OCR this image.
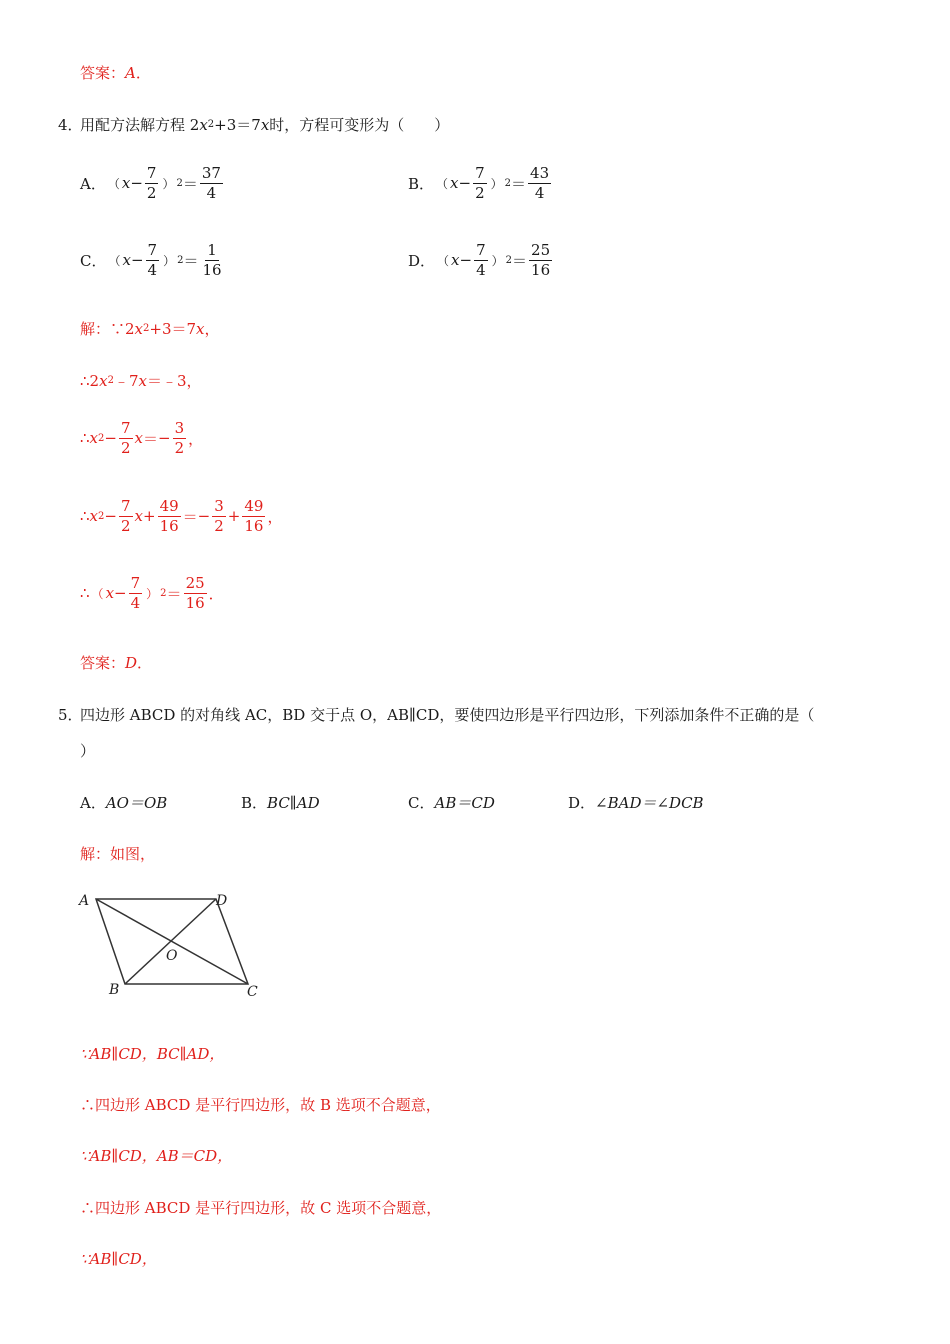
答案： A ．
4．
用配方法解方程 2 x 2 +3＝7 x 时，方程可变形为（　　）
A． （ $x - \frac{7}{2}$ ） $2 = \frac{37}{4}$	B． （ $x - \frac{7}{2}$ ） $2 = \frac{43}{4}$
C． （ $x - \frac{7}{4}$ ） $2 = \frac{1}{16}$	D． （ $x - \frac{7}{4}$ ） $2 = \frac{25}{16}$
解：∵2 x 2 +3＝7 x ，
∴2 x 2 ﹣7 x ＝﹣3，
∴ x $2 - \frac{7}{2}$ x ＝ − $\frac{3}{2}$ ，
∴ x $2 - \frac{7}{2}$ $x + \frac{49}{16}$ ＝ − $\frac{3}{2} + \frac{49}{16}$ ，
∴ （ $x - \frac{7}{4}$ ） $2 = \frac{25}{16}$ ．
答案： D ．
5．
四边形 ABCD 的对角线 AC，BD 交于点 O，AB∥CD，要使四边形是平行四边形，下列添加条件不正确的是（
）
A． AO＝OB	B． BC∥AD	C． AB＝CD	D． ∠BAD＝∠DCB
解：如图，
A	D
O
B	C
∵AB∥CD，BC∥AD，
∴四边形 ABCD 是平行四边形，故 B 选项不合题意，
∵AB∥CD，AB＝CD，
∴四边形 ABCD 是平行四边形，故 C 选项不合题意，
∵AB∥CD，
